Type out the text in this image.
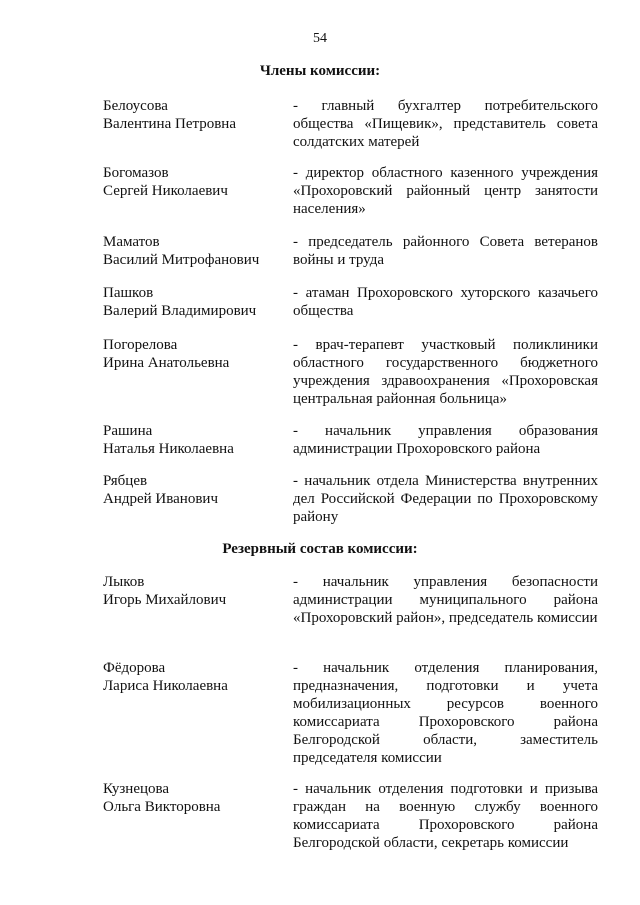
54
Члены комиссии:
Белоусова
Валентина Петровна
- главный бухгалтер потребительского общества «Пищевик», представитель совета солдатских матерей
Богомазов
Сергей Николаевич
- директор областного казенного учреждения «Прохоровский районный центр занятости населения»
Маматов
Василий Митрофанович
- председатель районного Совета ветеранов войны и труда
Пашков
Валерий Владимирович
- атаман Прохоровского хуторского казачьего общества
Погорелова
Ирина Анатольевна
- врач-терапевт участковый поликлиники областного государственного бюджетного учреждения здравоохранения «Прохоровская центральная районная больница»
Рашина
Наталья Николаевна
- начальник управления образования администрации Прохоровского района
Рябцев
Андрей Иванович
- начальник отдела Министерства внутренних дел Российской Федерации по Прохоровскому району
Резервный состав комиссии:
Лыков
Игорь Михайлович
- начальник управления безопасности администрации муниципального района «Прохоровский район», председатель комиссии
Фёдорова
Лариса Николаевна
- начальник отделения планирования, предназначения, подготовки и учета мобилизационных ресурсов военного комиссариата Прохоровского района Белгородской области, заместитель председателя комиссии
Кузнецова
Ольга Викторовна
- начальник отделения подготовки и призыва граждан на военную службу военного комиссариата Прохоровского района Белгородской области, секретарь комиссии
